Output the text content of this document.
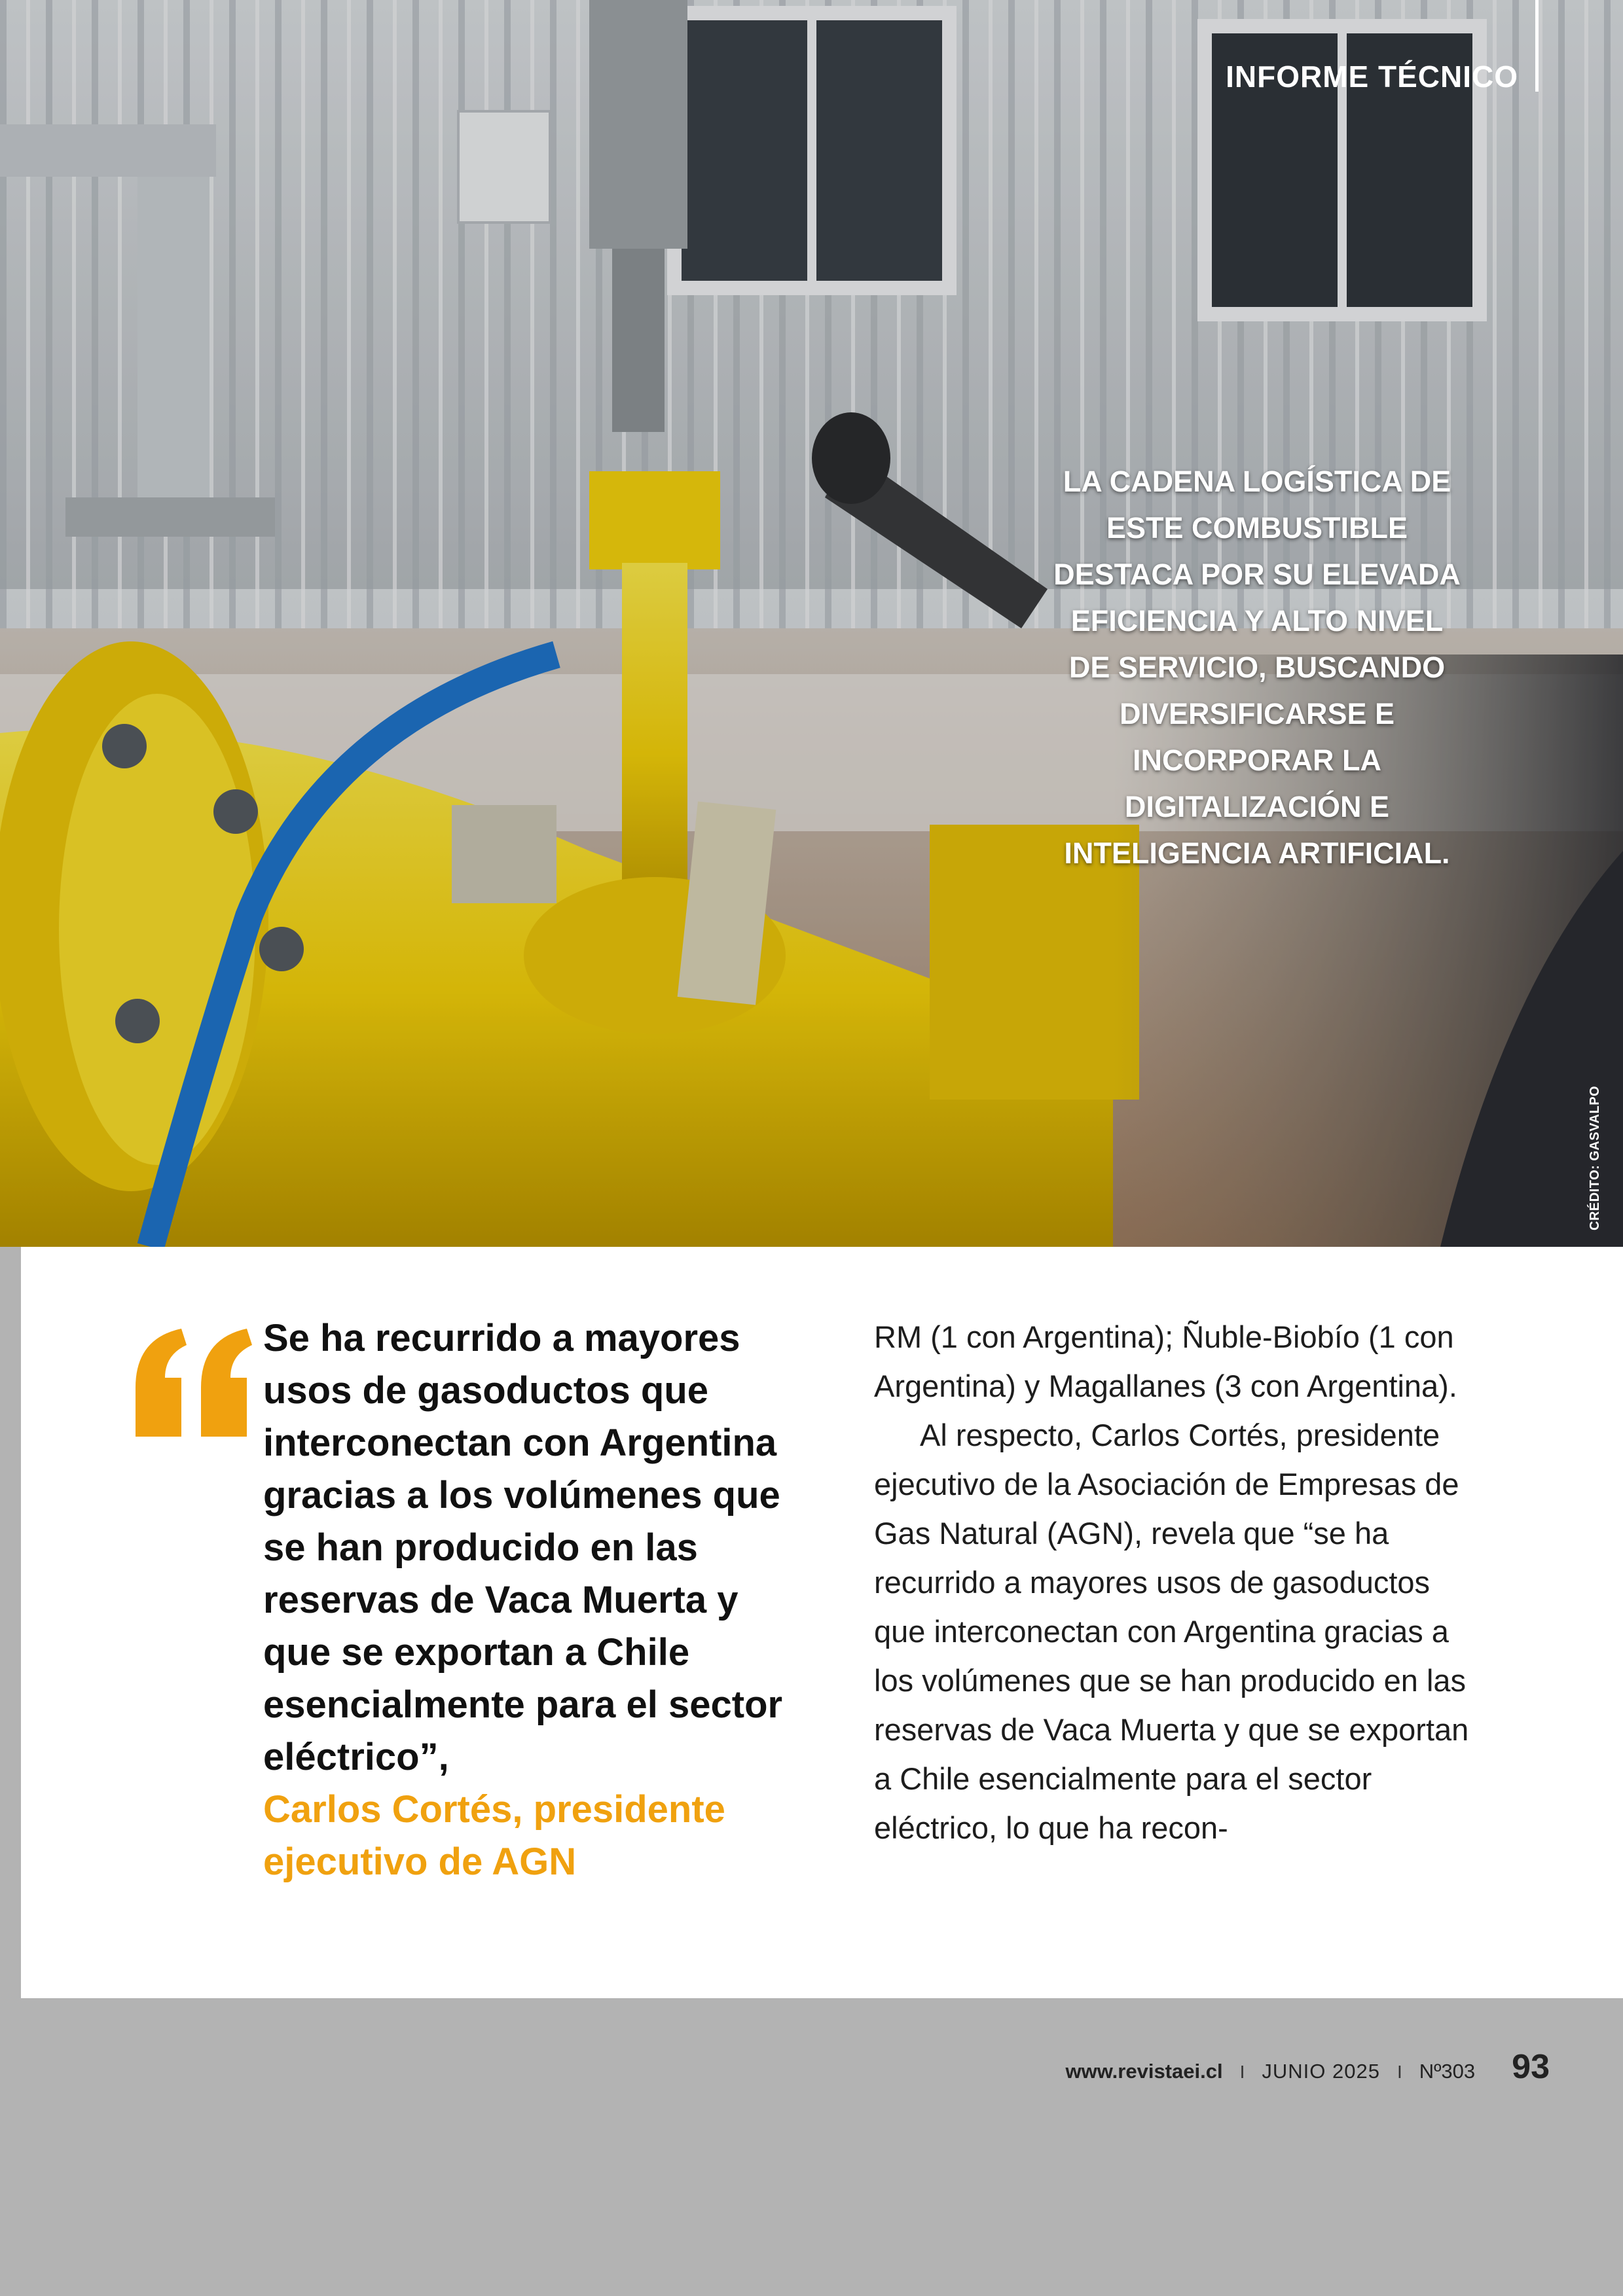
INFORME TÉCNICO
LA CADENA LOGÍSTICA DE ESTE COMBUSTIBLE DESTACA POR SU ELEVADA EFICIENCIA Y ALTO NIVEL DE SERVICIO, BUSCANDO DIVERSIFICARSE E INCORPORAR LA DIGITALIZACIÓN E INTELIGENCIA ARTIFICIAL.
CRÉDITO: GASVALPO
Se ha recurrido a mayores usos de gasoductos que interconectan con Argentina gracias a los volúmenes que se han producido en las reservas de Vaca Muerta y que se exportan a Chile esencialmente para el sector eléctrico”,
Carlos Cortés, presidente ejecutivo de AGN

RM (1 con Argentina); Ñuble-Biobío (1 con Argentina) y Magallanes (3 con Argentina).

Al respecto, Carlos Cortés, presidente ejecutivo de la Asociación de Empresas de Gas Natural (AGN), revela que “se ha recurrido a mayores usos de gasoductos que interconectan con Argentina gracias a los volúmenes que se han producido en las reservas de Vaca Muerta y que se exportan a Chile esencialmente para el sector eléctrico, lo que ha recon-

www.revistaei.cl I JUNIO 2025 I Nº303 93
